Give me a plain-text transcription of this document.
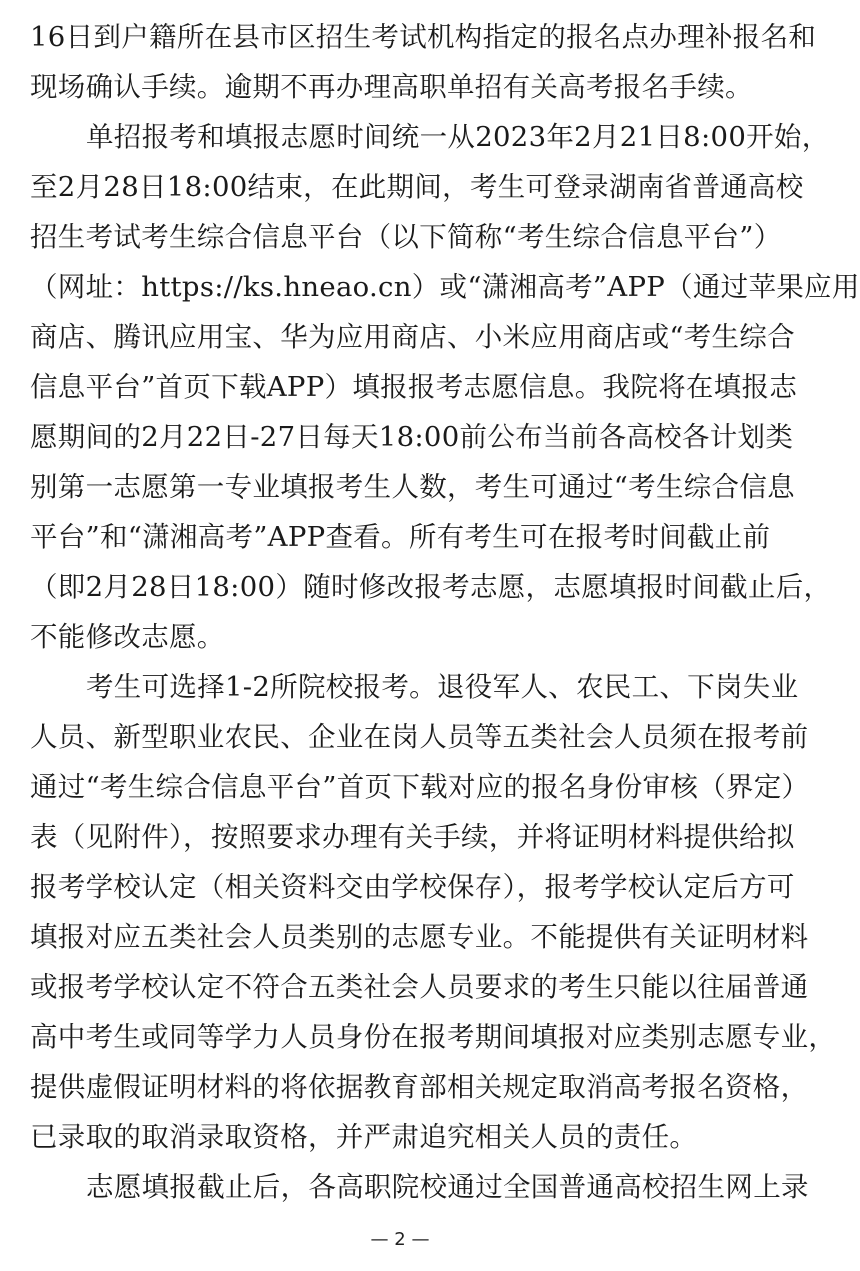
16日到户籍所在县市区招生考试机构指定的报名点办理补报名和
现场确认手续。逾期不再办理高职单招有关高考报名手续。
单招报考和填报志愿时间统一从2023年2月21日8:00开始，
至2月28日18:00结束，在此期间，考生可登录湖南省普通高校
招生考试考生综合信息平台（以下简称“考生综合信息平台”）
（网址：https://ks.hneao.cn）或“潇湘高考”APP（通过苹果应用
商店、腾讯应用宝、华为应用商店、小米应用商店或“考生综合
信息平台”首页下载APP）填报报考志愿信息。我院将在填报志
愿期间的2月22日-27日每天18:00前公布当前各高校各计划类
别第一志愿第一专业填报考生人数，考生可通过“考生综合信息
平台”和“潇湘高考”APP查看。所有考生可在报考时间截止前
（即2月28日18:00）随时修改报考志愿，志愿填报时间截止后，
不能修改志愿。
考生可选择1-2所院校报考。退役军人、农民工、下岗失业
人员、新型职业农民、企业在岗人员等五类社会人员须在报考前
通过“考生综合信息平台”首页下载对应的报名身份审核（界定）
表（见附件），按照要求办理有关手续，并将证明材料提供给拟
报考学校认定（相关资料交由学校保存），报考学校认定后方可
填报对应五类社会人员类别的志愿专业。不能提供有关证明材料
或报考学校认定不符合五类社会人员要求的考生只能以往届普通
高中考生或同等学力人员身份在报考期间填报对应类别志愿专业，
提供虚假证明材料的将依据教育部相关规定取消高考报名资格，
已录取的取消录取资格，并严肃追究相关人员的责任。
志愿填报截止后，各高职院校通过全国普通高校招生网上录
— 2 —
